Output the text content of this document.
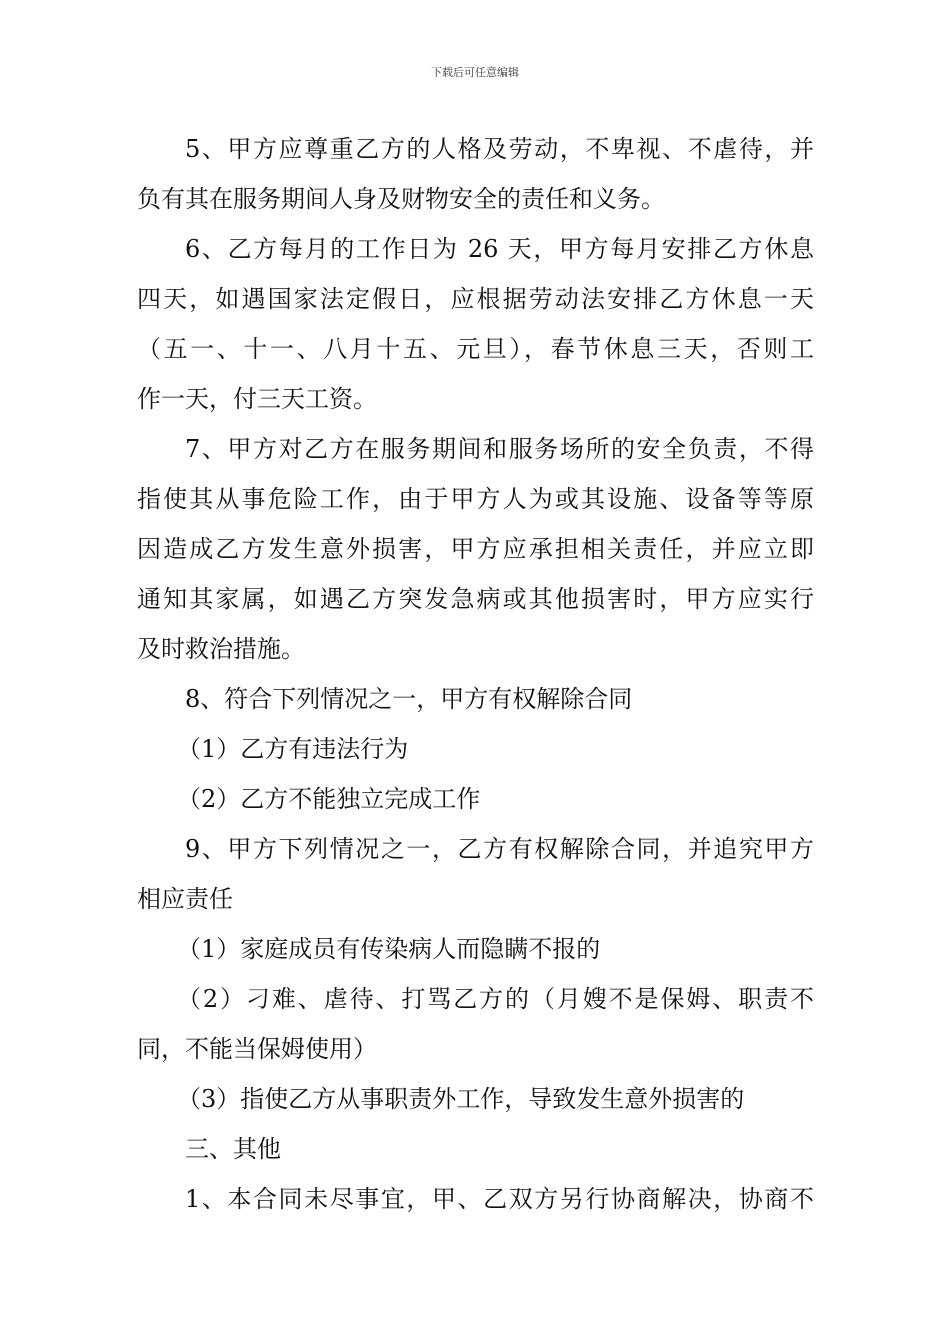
下载后可任意编辑
5、甲方应尊重乙方的人格及劳动，不卑视、不虐待，并
负有其在服务期间人身及财物安全的责任和义务。
6、乙方每月的工作日为 26 天，甲方每月安排乙方休息
四天，如遇国家法定假日，应根据劳动法安排乙方休息一天
（五一、十一、八月十五、元旦），春节休息三天，否则工
作一天，付三天工资。
7、甲方对乙方在服务期间和服务场所的安全负责，不得
指使其从事危险工作，由于甲方人为或其设施、设备等等原
因造成乙方发生意外损害，甲方应承担相关责任，并应立即
通知其家属，如遇乙方突发急病或其他损害时，甲方应实行
及时救治措施。
8、符合下列情况之一，甲方有权解除合同
（1）乙方有违法行为
（2）乙方不能独立完成工作
9、甲方下列情况之一，乙方有权解除合同，并追究甲方
相应责任
（1）家庭成员有传染病人而隐瞒不报的
（2）刁难、虐待、打骂乙方的（月嫂不是保姆、职责不
同，不能当保姆使用）
（3）指使乙方从事职责外工作，导致发生意外损害的
三、其他
1、本合同未尽事宜，甲、乙双方另行协商解决，协商不
